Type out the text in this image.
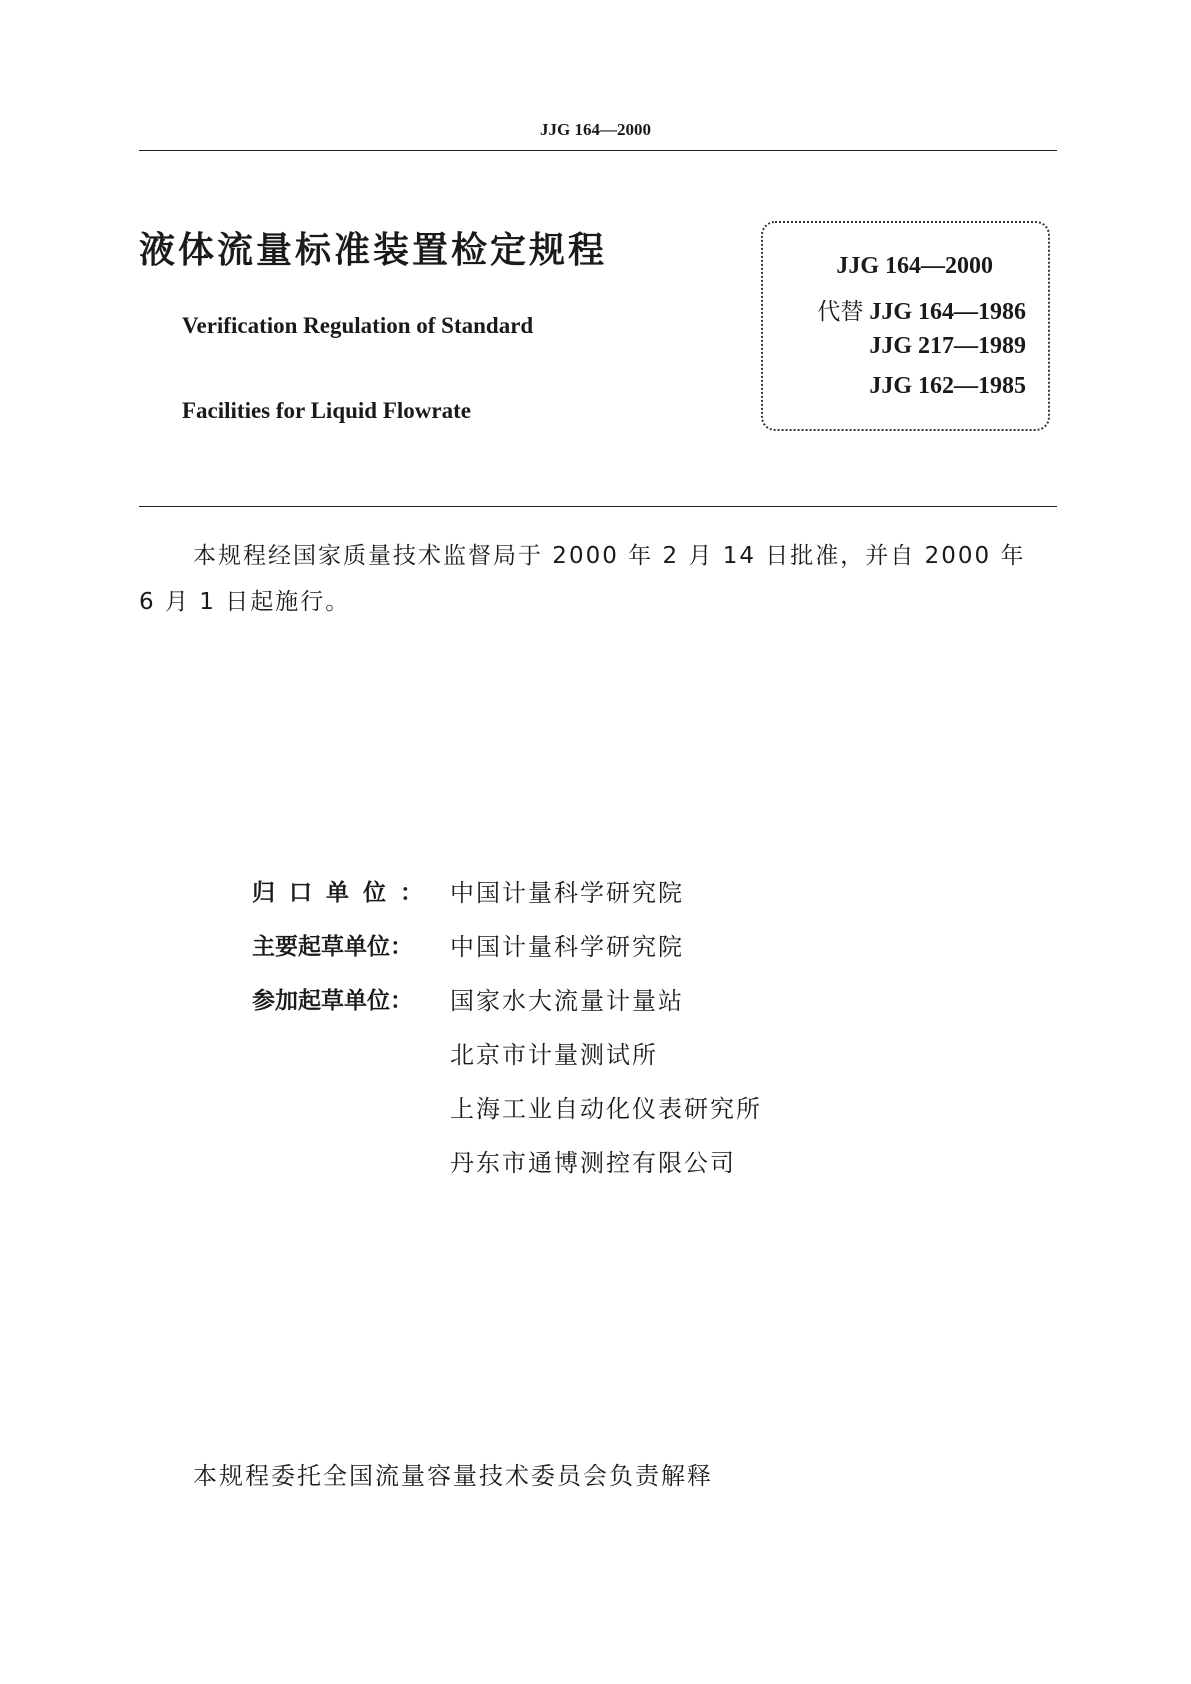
JJG 164—2000
液体流量标准装置检定规程
Verification Regulation of Standard
Facilities for Liquid Flowrate
JJG 164—2000
代替 JJG 164—1986
JJG 217—1989
JJG 162—1985
本规程经国家质量技术监督局于 2000 年 2 月 14 日批准，并自 2000 年
6 月 1 日起施行。
归口单位： 中国计量科学研究院
主要起草单位：	中国计量科学研究院
参加起草单位：	国家水大流量计量站
北京市计量测试所
上海工业自动化仪表研究所
丹东市通博测控有限公司
本规程委托全国流量容量技术委员会负责解释
